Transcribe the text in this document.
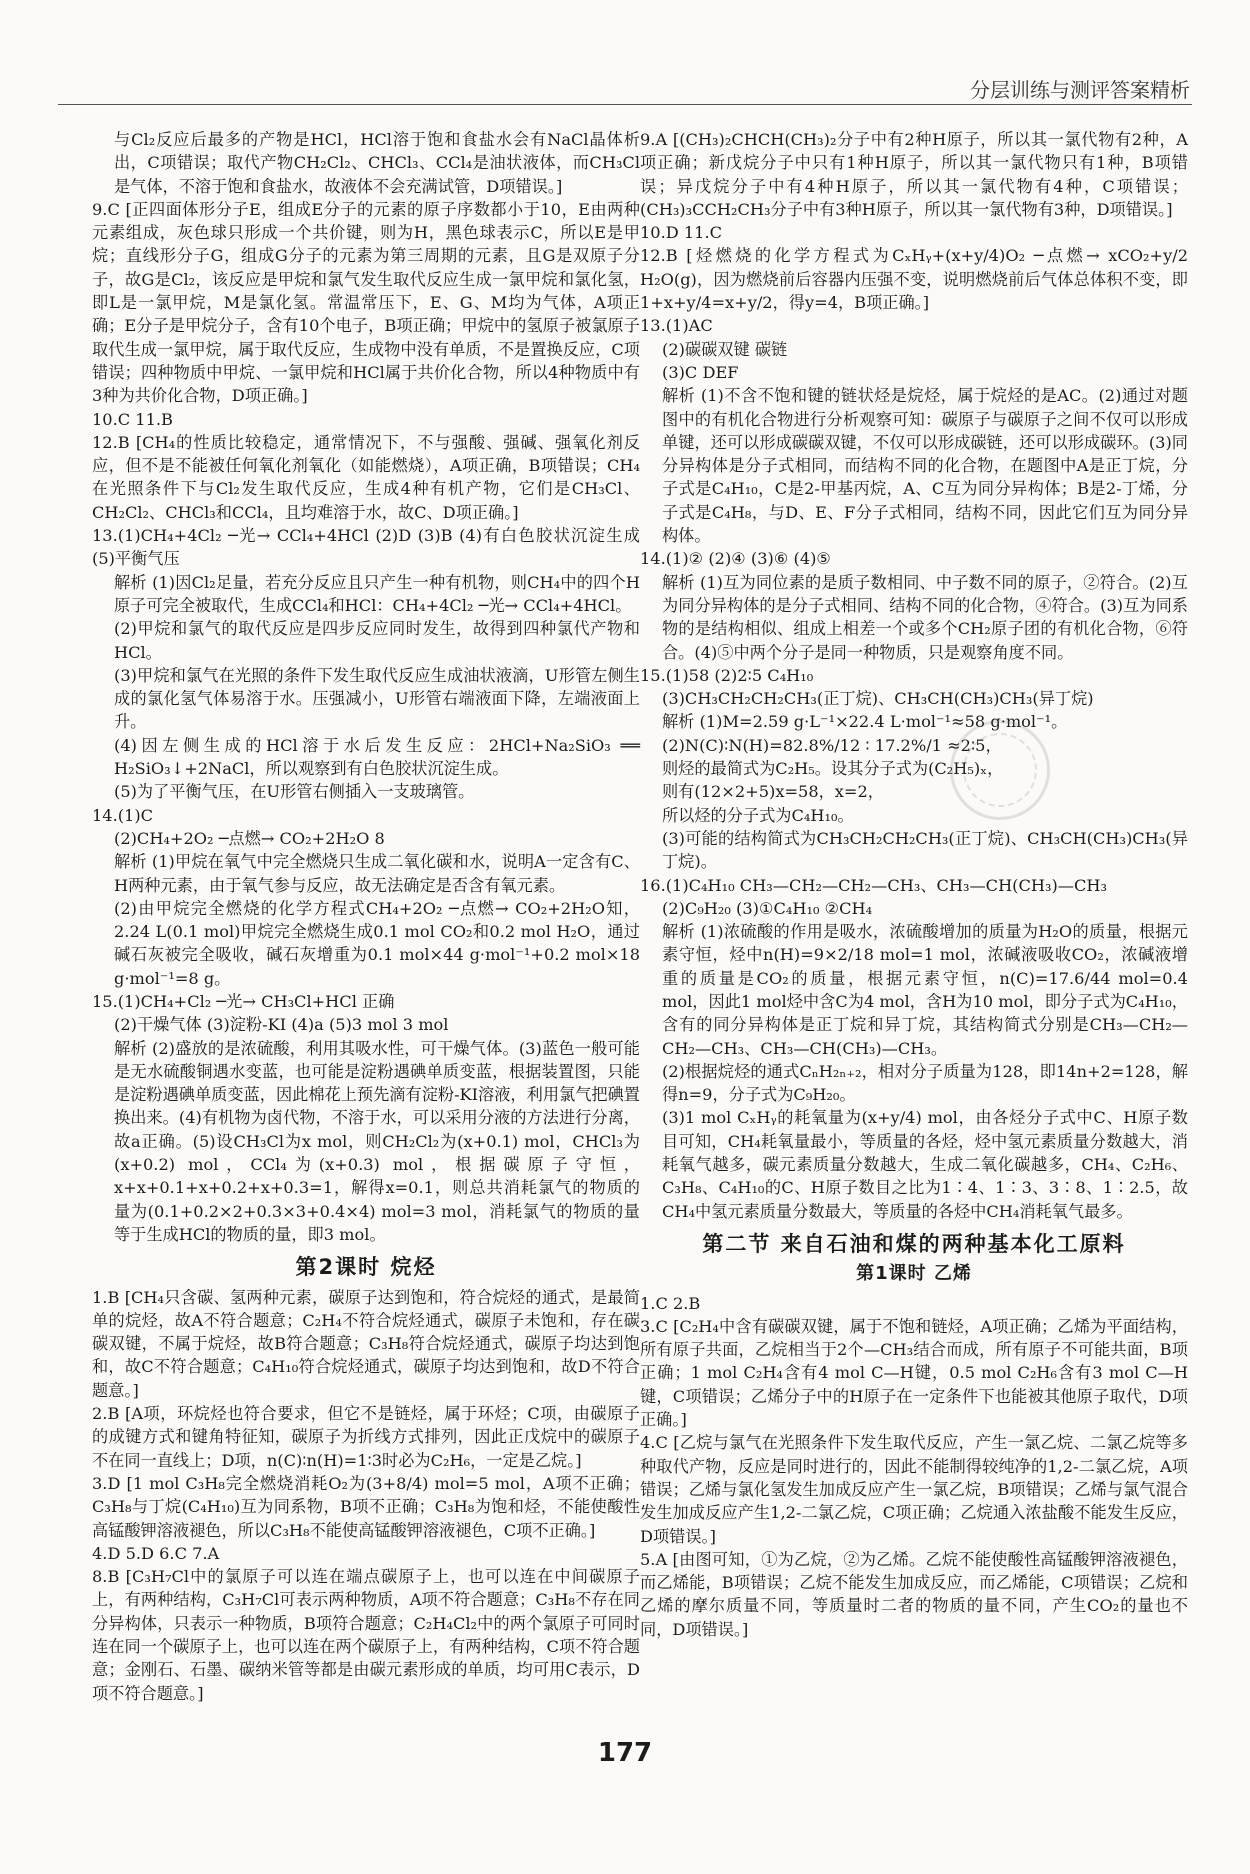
分层训练与测评答案精析

与Cl₂反应后最多的产物是HCl，HCl溶于饱和食盐水会有NaCl晶体析出，C项错误；取代产物CH₂Cl₂、CHCl₃、CCl₄是油状液体，而CH₃Cl是气体，不溶于饱和食盐水，故液体不会充满试管，D项错误。]

9.C [正四面体形分子E，组成E分子的元素的原子序数都小于10，E由两种元素组成，灰色球只形成一个共价键，则为H，黑色球表示C，所以E是甲烷；直线形分子G，组成G分子的元素为第三周期的元素，且G是双原子分子，故G是Cl₂，该反应是甲烷和氯气发生取代反应生成一氯甲烷和氯化氢，即L是一氯甲烷，M是氯化氢。常温常压下，E、G、M均为气体，A项正确；E分子是甲烷分子，含有10个电子，B项正确；甲烷中的氢原子被氯原子取代生成一氯甲烷，属于取代反应，生成物中没有单质，不是置换反应，C项错误；四种物质中甲烷、一氯甲烷和HCl属于共价化合物，所以4种物质中有3种为共价化合物，D项正确。]

10.C 11.B

12.B [CH₄的性质比较稳定，通常情况下，不与强酸、强碱、强氧化剂反应，但不是不能被任何氧化剂氧化（如能燃烧），A项正确，B项错误；CH₄在光照条件下与Cl₂发生取代反应，生成4种有机产物，它们是CH₃Cl、CH₂Cl₂、CHCl₃和CCl₄，且均难溶于水，故C、D项正确。]

13.(1)CH₄+4Cl₂ ─光→ CCl₄+4HCl (2)D (3)B (4)有白色胶状沉淀生成 (5)平衡气压

解析 (1)因Cl₂足量，若充分反应且只产生一种有机物，则CH₄中的四个H原子可完全被取代，生成CCl₄和HCl：CH₄+4Cl₂ ─光→ CCl₄+4HCl。

(2)甲烷和氯气的取代反应是四步反应同时发生，故得到四种氯代产物和HCl。

(3)甲烷和氯气在光照的条件下发生取代反应生成油状液滴，U形管左侧生成的氯化氢气体易溶于水。压强减小，U形管右端液面下降，左端液面上升。

(4)因左侧生成的HCl溶于水后发生反应：2HCl+Na₂SiO₃ ══ H₂SiO₃↓+2NaCl，所以观察到有白色胶状沉淀生成。

(5)为了平衡气压，在U形管右侧插入一支玻璃管。

14.(1)C

(2)CH₄+2O₂ ─点燃→ CO₂+2H₂O 8

解析 (1)甲烷在氧气中完全燃烧只生成二氧化碳和水，说明A一定含有C、H两种元素，由于氧气参与反应，故无法确定是否含有氧元素。

(2)由甲烷完全燃烧的化学方程式CH₄+2O₂ ─点燃→ CO₂+2H₂O知，2.24 L(0.1 mol)甲烷完全燃烧生成0.1 mol CO₂和0.2 mol H₂O，通过碱石灰被完全吸收，碱石灰增重为0.1 mol×44 g·mol⁻¹+0.2 mol×18 g·mol⁻¹=8 g。

15.(1)CH₄+Cl₂ ─光→ CH₃Cl+HCl 正确

(2)干燥气体 (3)淀粉-KI (4)a (5)3 mol 3 mol

解析 (2)盛放的是浓硫酸，利用其吸水性，可干燥气体。(3)蓝色一般可能是无水硫酸铜遇水变蓝，也可能是淀粉遇碘单质变蓝，根据装置图，只能是淀粉遇碘单质变蓝，因此棉花上预先滴有淀粉-KI溶液，利用氯气把碘置换出来。(4)有机物为卤代物，不溶于水，可以采用分液的方法进行分离，故a正确。(5)设CH₃Cl为x mol，则CH₂Cl₂为(x+0.1) mol，CHCl₃为(x+0.2) mol，CCl₄为(x+0.3) mol，根据碳原子守恒，x+x+0.1+x+0.2+x+0.3=1，解得x=0.1，则总共消耗氯气的物质的量为(0.1+0.2×2+0.3×3+0.4×4) mol=3 mol，消耗氯气的物质的量等于生成HCl的物质的量，即3 mol。

第2课时 烷烃

1.B [CH₄只含碳、氢两种元素，碳原子达到饱和，符合烷烃的通式，是最简单的烷烃，故A不符合题意；C₂H₄不符合烷烃通式，碳原子未饱和，存在碳碳双键，不属于烷烃，故B符合题意；C₃H₈符合烷烃通式，碳原子均达到饱和，故C不符合题意；C₄H₁₀符合烷烃通式，碳原子均达到饱和，故D不符合题意。]

2.B [A项，环烷烃也符合要求，但它不是链烃，属于环烃；C项，由碳原子的成键方式和键角特征知，碳原子为折线方式排列，因此正戊烷中的碳原子不在同一直线上；D项，n(C)∶n(H)=1∶3时必为C₂H₆，一定是乙烷。]

3.D [1 mol C₃H₈完全燃烧消耗O₂为(3+8/4) mol=5 mol，A项不正确；C₃H₈与丁烷(C₄H₁₀)互为同系物，B项不正确；C₃H₈为饱和烃，不能使酸性高锰酸钾溶液褪色，所以C₃H₈不能使高锰酸钾溶液褪色，C项不正确。]

4.D 5.D 6.C 7.A

8.B [C₃H₇Cl中的氯原子可以连在端点碳原子上，也可以连在中间碳原子上，有两种结构，C₃H₇Cl可表示两种物质，A项不符合题意；C₃H₈不存在同分异构体，只表示一种物质，B项符合题意；C₂H₄Cl₂中的两个氯原子可同时连在同一个碳原子上，也可以连在两个碳原子上，有两种结构，C项不符合题意；金刚石、石墨、碳纳米管等都是由碳元素形成的单质，均可用C表示，D项不符合题意。]

9.A [(CH₃)₂CHCH(CH₃)₂分子中有2种H原子，所以其一氯代物有2种，A项正确；新戊烷分子中只有1种H原子，所以其一氯代物只有1种，B项错误；异戊烷分子中有4种H原子，所以其一氯代物有4种，C项错误；(CH₃)₃CCH₂CH₃分子中有3种H原子，所以其一氯代物有3种，D项错误。]

10.D 11.C

12.B [烃燃烧的化学方程式为CₓHᵧ+(x+y/4)O₂ ─点燃→ xCO₂+y/2 H₂O(g)，因为燃烧前后容器内压强不变，说明燃烧前后气体总体积不变，即1+x+y/4=x+y/2，得y=4，B项正确。]

13.(1)AC

(2)碳碳双键 碳链

(3)C DEF

解析 (1)不含不饱和键的链状烃是烷烃，属于烷烃的是AC。(2)通过对题图中的有机化合物进行分析观察可知：碳原子与碳原子之间不仅可以形成单键，还可以形成碳碳双键，不仅可以形成碳链，还可以形成碳环。(3)同分异构体是分子式相同，而结构不同的化合物，在题图中A是正丁烷，分子式是C₄H₁₀，C是2-甲基丙烷，A、C互为同分异构体；B是2-丁烯，分子式是C₄H₈，与D、E、F分子式相同，结构不同，因此它们互为同分异构体。

14.(1)② (2)④ (3)⑥ (4)⑤

解析 (1)互为同位素的是质子数相同、中子数不同的原子，②符合。(2)互为同分异构体的是分子式相同、结构不同的化合物，④符合。(3)互为同系物的是结构相似、组成上相差一个或多个CH₂原子团的有机化合物，⑥符合。(4)⑤中两个分子是同一种物质，只是观察角度不同。

15.(1)58 (2)2∶5 C₄H₁₀

(3)CH₃CH₂CH₂CH₃(正丁烷)、CH₃CH(CH₃)CH₃(异丁烷)

解析 (1)M=2.59 g·L⁻¹×22.4 L·mol⁻¹≈58 g·mol⁻¹。

(2)N(C)∶N(H)=82.8%/12 ∶ 17.2%/1 ≈2∶5，

则烃的最简式为C₂H₅。设其分子式为(C₂H₅)ₓ，

则有(12×2+5)x=58，x=2，

所以烃的分子式为C₄H₁₀。

(3)可能的结构简式为CH₃CH₂CH₂CH₃(正丁烷)、CH₃CH(CH₃)CH₃(异丁烷)。

16.(1)C₄H₁₀ CH₃—CH₂—CH₂—CH₃、CH₃—CH(CH₃)—CH₃

(2)C₉H₂₀ (3)①C₄H₁₀ ②CH₄

解析 (1)浓硫酸的作用是吸水，浓硫酸增加的质量为H₂O的质量，根据元素守恒，烃中n(H)=9×2/18 mol=1 mol，浓碱液吸收CO₂，浓碱液增重的质量是CO₂的质量，根据元素守恒，n(C)=17.6/44 mol=0.4 mol，因此1 mol烃中含C为4 mol，含H为10 mol，即分子式为C₄H₁₀，含有的同分异构体是正丁烷和异丁烷，其结构简式分别是CH₃—CH₂—CH₂—CH₃、CH₃—CH(CH₃)—CH₃。

(2)根据烷烃的通式CₙH₂ₙ₊₂，相对分子质量为128，即14n+2=128，解得n=9，分子式为C₉H₂₀。

(3)1 mol CₓHᵧ的耗氧量为(x+y/4) mol，由各烃分子式中C、H原子数目可知，CH₄耗氧量最小，等质量的各烃，烃中氢元素质量分数越大，消耗氧气越多，碳元素质量分数越大，生成二氧化碳越多，CH₄、C₂H₆、C₃H₈、C₄H₁₀的C、H原子数目之比为1∶4、1∶3、3∶8、1∶2.5，故CH₄中氢元素质量分数最大，等质量的各烃中CH₄消耗氧气最多。

第二节 来自石油和煤的两种基本化工原料
第1课时 乙烯

1.C 2.B

3.C [C₂H₄中含有碳碳双键，属于不饱和链烃，A项正确；乙烯为平面结构，所有原子共面，乙烷相当于2个—CH₃结合而成，所有原子不可能共面，B项正确；1 mol C₂H₄含有4 mol C—H键，0.5 mol C₂H₆含有3 mol C—H键，C项错误；乙烯分子中的H原子在一定条件下也能被其他原子取代，D项正确。]

4.C [乙烷与氯气在光照条件下发生取代反应，产生一氯乙烷、二氯乙烷等多种取代产物，反应是同时进行的，因此不能制得较纯净的1,2-二氯乙烷，A项错误；乙烯与氯化氢发生加成反应产生一氯乙烷，B项错误；乙烯与氯气混合发生加成反应产生1,2-二氯乙烷，C项正确；乙烷通入浓盐酸不能发生反应，D项错误。]

5.A [由图可知，①为乙烷，②为乙烯。乙烷不能使酸性高锰酸钾溶液褪色，而乙烯能，B项错误；乙烷不能发生加成反应，而乙烯能，C项错误；乙烷和乙烯的摩尔质量不同，等质量时二者的物质的量不同，产生CO₂的量也不同，D项错误。]

177
